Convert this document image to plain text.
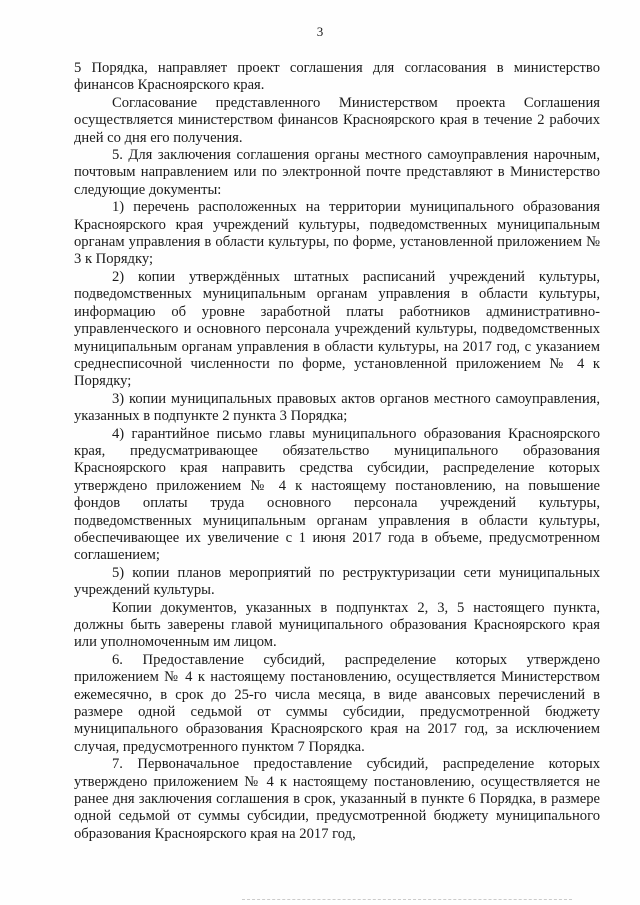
3

5 Порядка, направляет проект соглашения для согласования в министерство финансов Красноярского края.

Согласование представленного Министерством проекта Соглашения осуществляется министерством финансов Красноярского края в течение 2 рабочих дней со дня его получения.

5. Для заключения соглашения органы местного самоуправления нарочным, почтовым направлением или по электронной почте представляют в Министерство следующие документы:

1) перечень расположенных на территории муниципального образования Красноярского края учреждений культуры, подведомственных муниципальным органам управления в области культуры, по форме, установленной приложением № 3 к Порядку;

2) копии утверждённых штатных расписаний учреждений культуры, подведомственных муниципальным органам управления в области культуры, информацию об уровне заработной платы работников административно-управленческого и основного персонала учреждений культуры, подведомственных муниципальным органам управления в области культуры, на 2017 год, с указанием среднесписочной численности по форме, установленной приложением № 4 к Порядку;

3) копии муниципальных правовых актов органов местного самоуправления, указанных в подпункте 2 пункта 3 Порядка;

4) гарантийное письмо главы муниципального образования Красноярского края, предусматривающее обязательство муниципального образования Красноярского края направить средства субсидии, распределение которых утверждено приложением № 4 к настоящему постановлению, на повышение фондов оплаты труда основного персонала учреждений культуры, подведомственных муниципальным органам управления в области культуры, обеспечивающее их увеличение с 1 июня 2017 года в объеме, предусмотренном соглашением;

5) копии планов мероприятий по реструктуризации сети муниципальных учреждений культуры.

Копии документов, указанных в подпунктах 2, 3, 5 настоящего пункта, должны быть заверены главой муниципального образования Красноярского края или уполномоченным им лицом.

6. Предоставление субсидий, распределение которых утверждено приложением № 4 к настоящему постановлению, осуществляется Министерством ежемесячно, в срок до 25-го числа месяца, в виде авансовых перечислений в размере одной седьмой от суммы субсидии, предусмотренной бюджету муниципального образования Красноярского края на 2017 год, за исключением случая, предусмотренного пунктом 7 Порядка.

7. Первоначальное предоставление субсидий, распределение которых утверждено приложением № 4 к настоящему постановлению, осуществляется не ранее дня заключения соглашения в срок, указанный в пункте 6 Порядка, в размере одной седьмой от суммы субсидии, предусмотренной бюджету муниципального образования Красноярского края на 2017 год,
